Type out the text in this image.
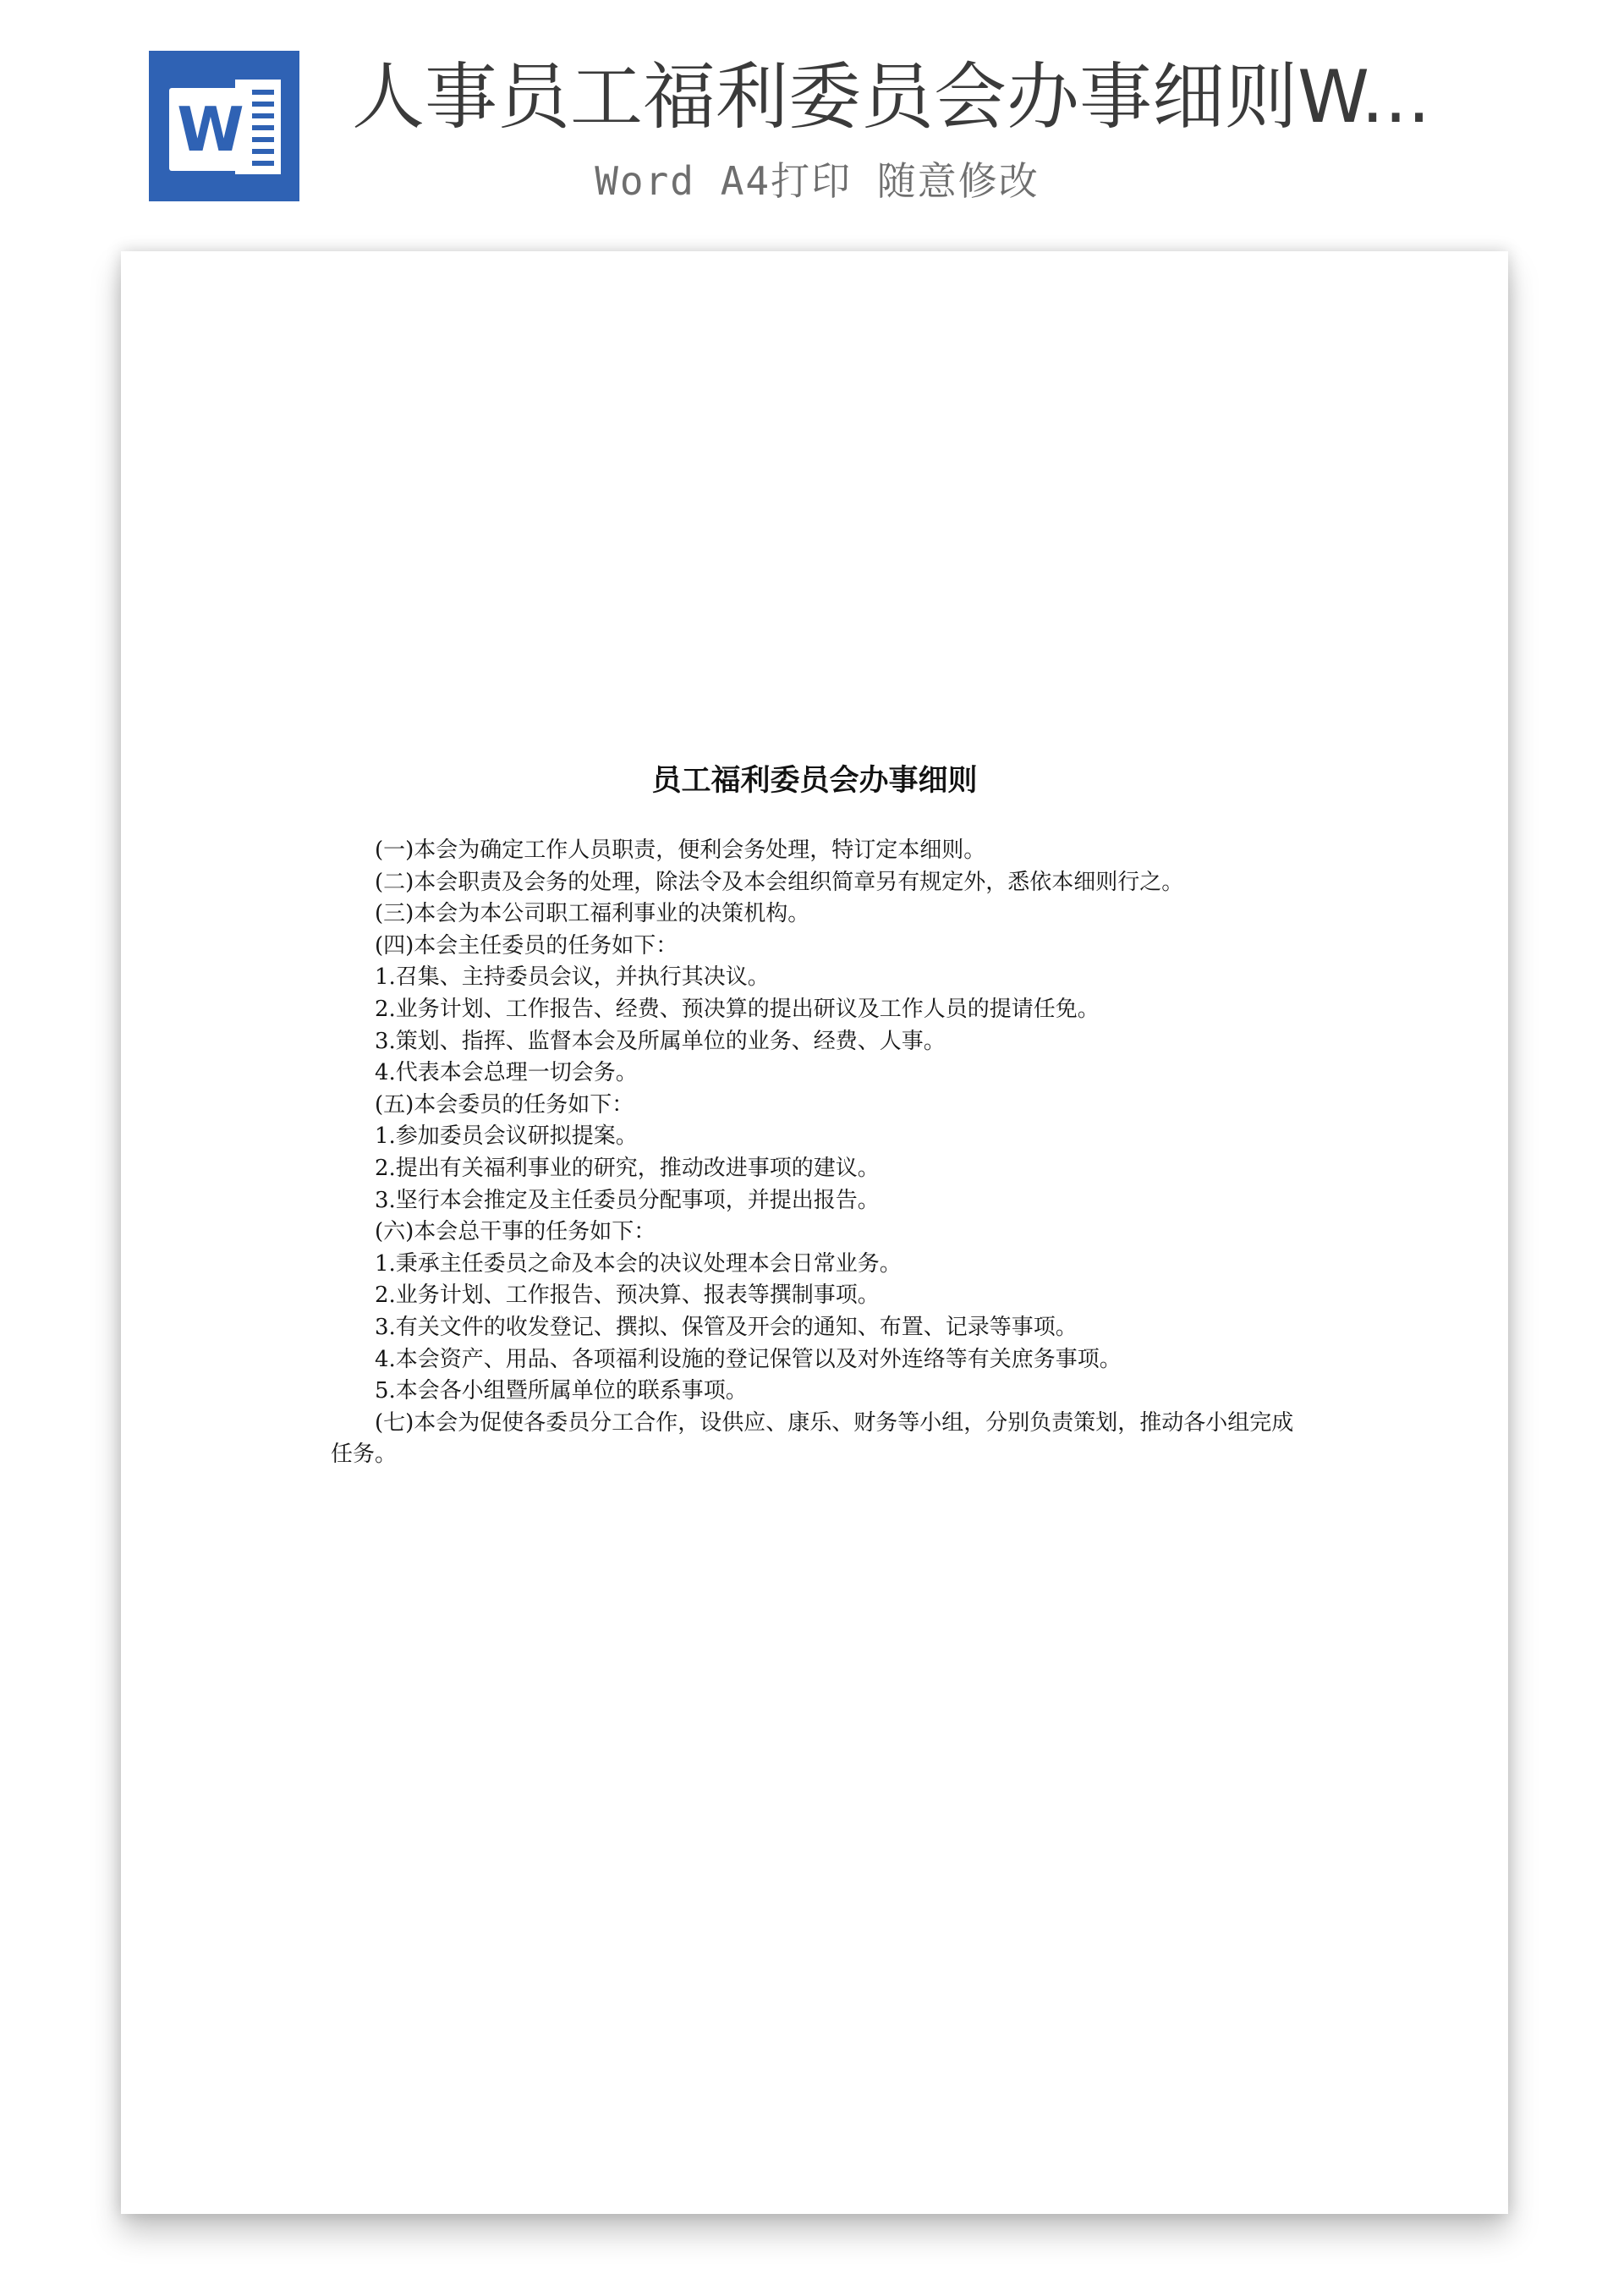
W 人事员工福利委员会办事细则W...
Word A4打印 随意修改
员工福利委员会办事细则

(一)本会为确定工作人员职责，便利会务处理，特订定本细则。

(二)本会职责及会务的处理，除法令及本会组织简章另有规定外，悉依本细则行之。

(三)本会为本公司职工福利事业的决策机构。

(四)本会主任委员的任务如下：

1.召集、主持委员会议，并执行其决议。

2.业务计划、工作报告、经费、预决算的提出研议及工作人员的提请任免。

3.策划、指挥、监督本会及所属单位的业务、经费、人事。

4.代表本会总理一切会务。

(五)本会委员的任务如下：

1.参加委员会议研拟提案。

2.提出有关福利事业的研究，推动改进事项的建议。

3.坚行本会推定及主任委员分配事项，并提出报告。

(六)本会总干事的任务如下：

1.秉承主任委员之命及本会的决议处理本会日常业务。

2.业务计划、工作报告、预决算、报表等撰制事项。

3.有关文件的收发登记、撰拟、保管及开会的通知、布置、记录等事项。

4.本会资产、用品、各项福利设施的登记保管以及对外连络等有关庶务事项。

5.本会各小组暨所属单位的联系事项。

(七)本会为促使各委员分工合作，设供应、康乐、财务等小组，分别负责策划，推动各小组完成任务。
